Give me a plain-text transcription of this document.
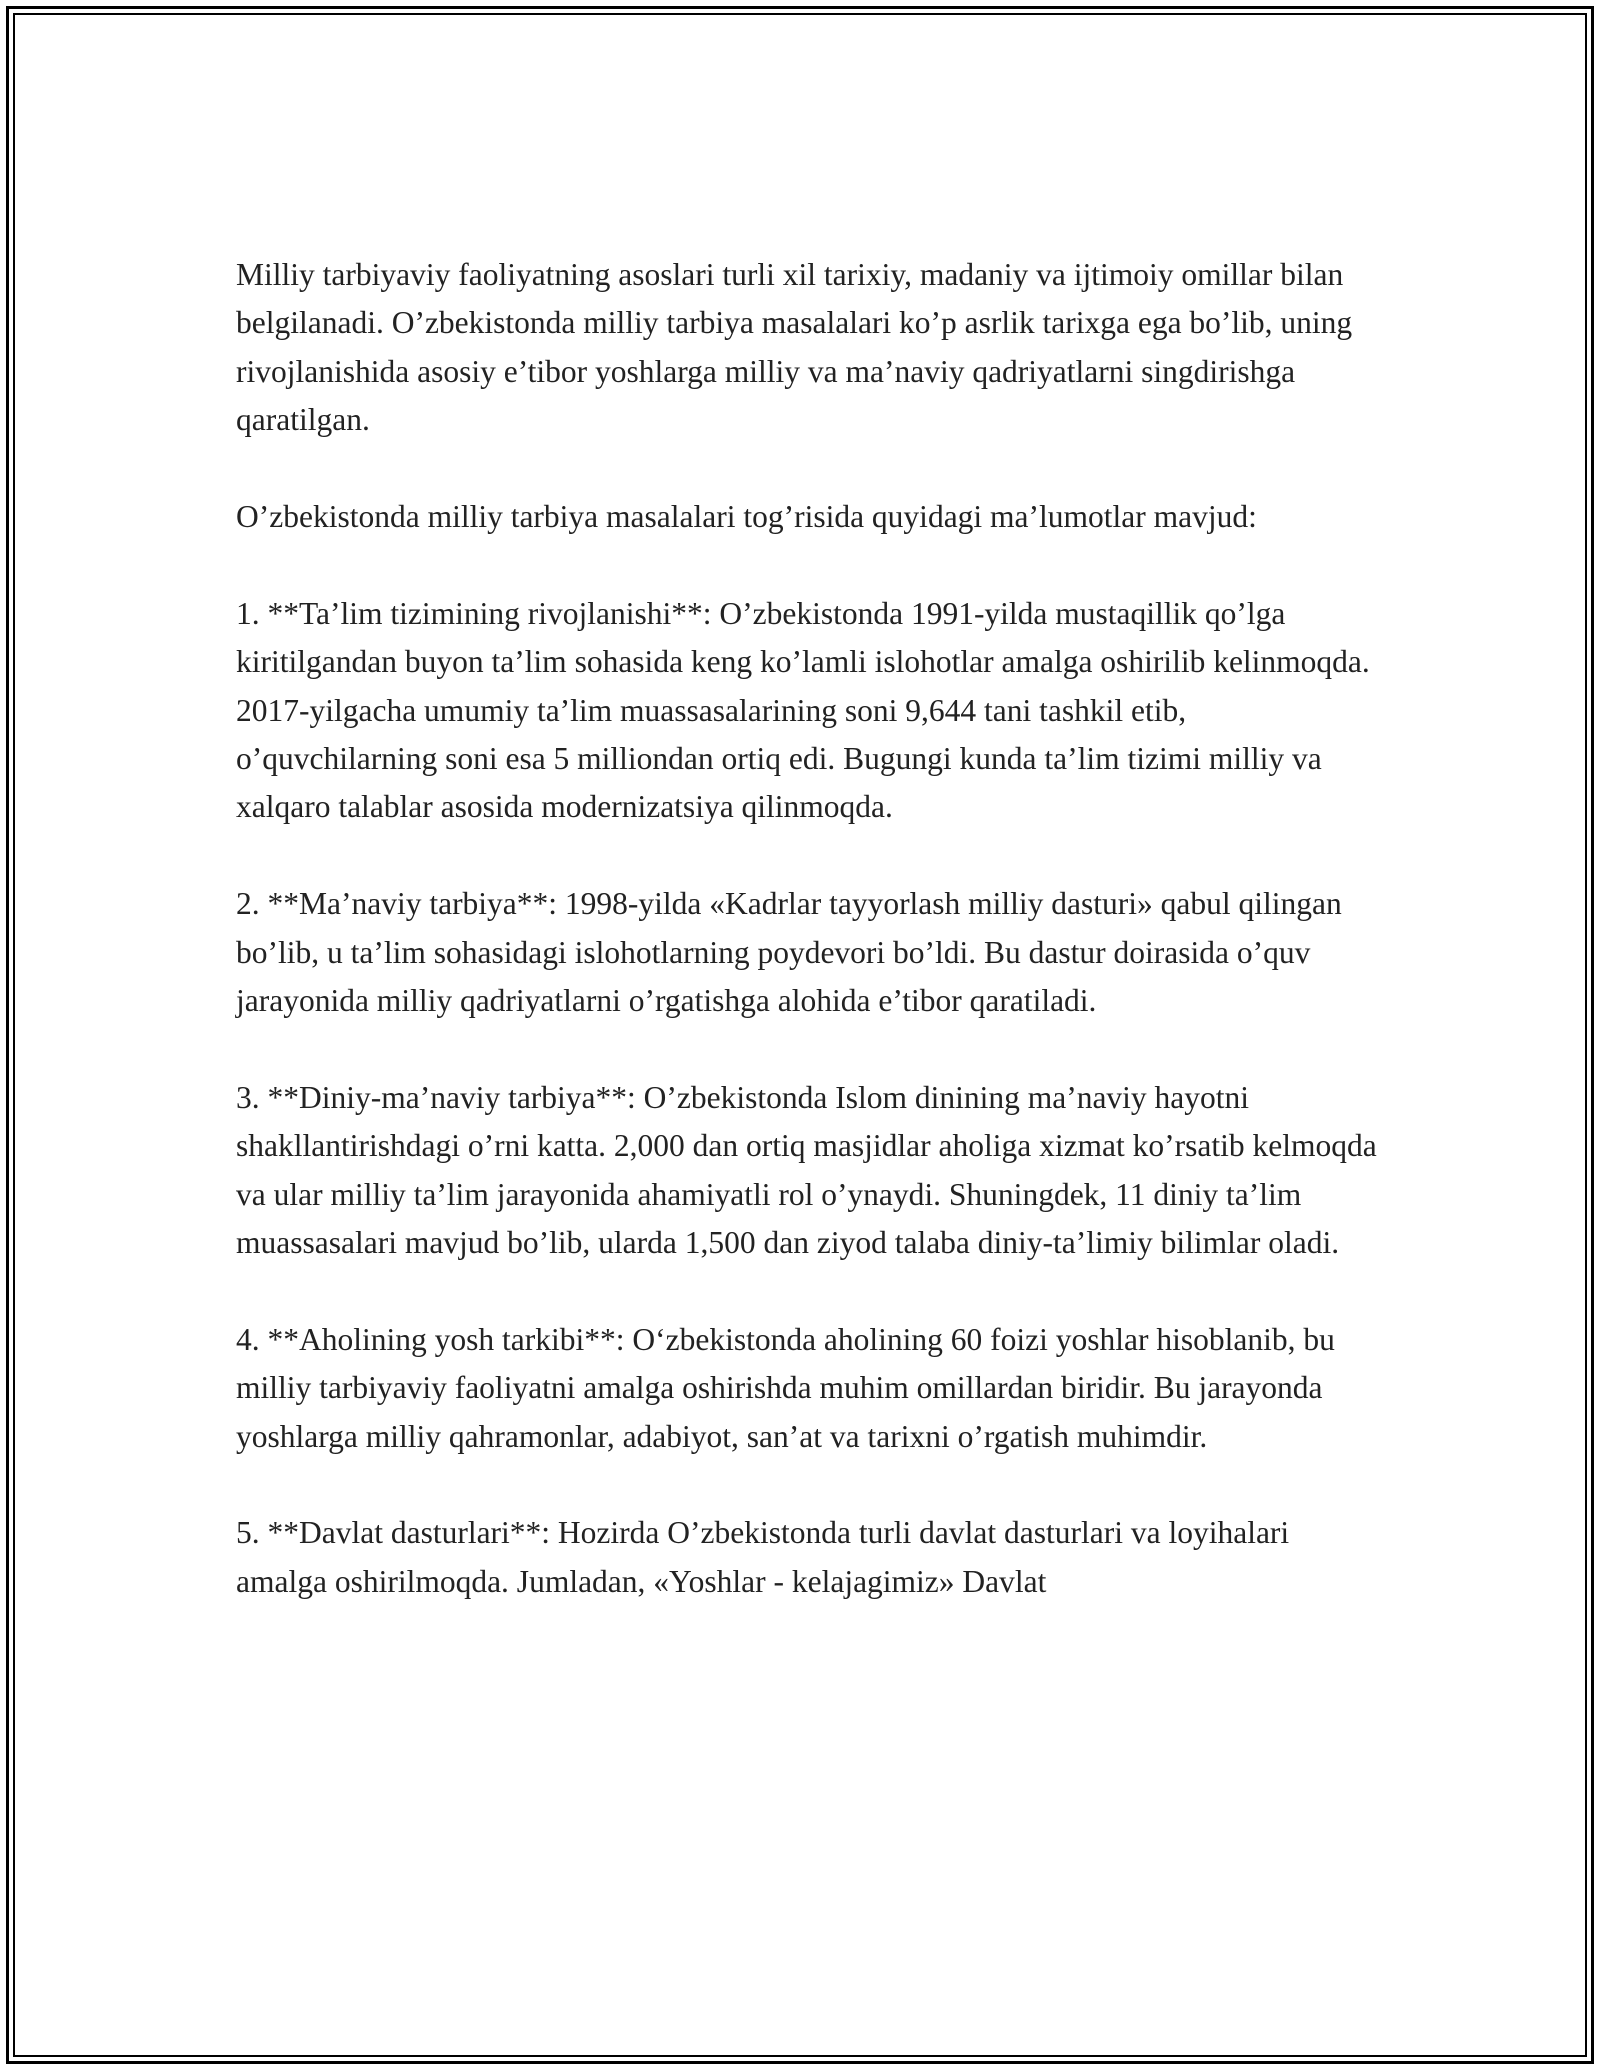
Milliy tarbiyaviy faoliyatning asoslari turli xil tarixiy, madaniy va ijtimoiy omillar bilan belgilanadi. O’zbekistonda milliy tarbiya masalalari ko’p asrlik tarixga ega bo’lib, uning rivojlanishida asosiy e’tibor yoshlarga milliy va ma’naviy qadriyatlarni singdirishga qaratilgan.

O’zbekistonda milliy tarbiya masalalari tog’risida quyidagi ma’lumotlar mavjud:

1. **Ta’lim tizimining rivojlanishi**: O’zbekistonda 1991-yilda mustaqillik qo’lga kiritilgandan buyon ta’lim sohasida keng ko’lamli islohotlar amalga oshirilib kelinmoqda. 2017-yilgacha umumiy ta’lim muassasalarining soni 9,644 tani tashkil etib, o’quvchilarning soni esa 5 milliondan ortiq edi. Bugungi kunda ta’lim tizimi milliy va xalqaro talablar asosida modernizatsiya qilinmoqda.

2. **Ma’naviy tarbiya**: 1998-yilda «Kadrlar tayyorlash milliy dasturi» qabul qilingan bo’lib, u ta’lim sohasidagi islohotlarning poydevori bo’ldi. Bu dastur doirasida o’quv jarayonida milliy qadriyatlarni o’rgatishga alohida e’tibor qaratiladi.

3. **Diniy-ma’naviy tarbiya**: O’zbekistonda Islom dinining ma’naviy hayotni shakllantirishdagi o’rni katta. 2,000 dan ortiq masjidlar aholiga xizmat ko’rsatib kelmoqda va ular milliy ta’lim jarayonida ahamiyatli rol o’ynaydi. Shuningdek, 11 diniy ta’lim muassasalari mavjud bo’lib, ularda 1,500 dan ziyod talaba diniy-ta’limiy bilimlar oladi.

4. **Aholining yosh tarkibi**: O‘zbekistonda aholining 60 foizi yoshlar hisoblanib, bu milliy tarbiyaviy faoliyatni amalga oshirishda muhim omillardan biridir. Bu jarayonda yoshlarga milliy qahramonlar, adabiyot, san’at va tarixni o’rgatish muhimdir.

5. **Davlat dasturlari**: Hozirda O’zbekistonda turli davlat dasturlari va loyihalari amalga oshirilmoqda. Jumladan, «Yoshlar - kelajagimiz» Davlat
